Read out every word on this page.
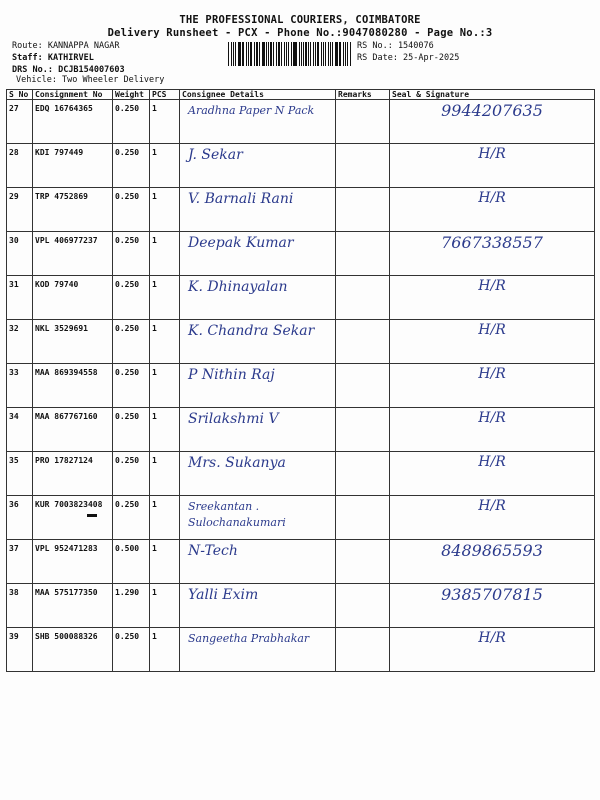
THE PROFESSIONAL COURIERS, COIMBATORE
Delivery Runsheet - PCX - Phone No.:9047080280 - Page No.:3
Route: KANNAPPA NAGAR
Staff: KATHIRVEL
DRS No.: DCJB154007603
Vehicle: Two Wheeler Delivery
RS No.: 1540076
RS Date: 25-Apr-2025
S No	Consignment No	Weight	PCS	Consignee Details	Remarks	Seal & Signature
27	EDQ 16764365	0.250	1	Aradhna Paper N Pack		9944207635

28	KDI 797449	0.250	1	J. Sekar		H/R

29	TRP 4752869	0.250	1	V. Barnali Rani		H/R

30	VPL 406977237	0.250	1	Deepak Kumar		7667338557

31	KOD 79740	0.250	1	K. Dhinayalan		H/R

32	NKL 3529691	0.250	1	K. Chandra Sekar		H/R

33	MAA 869394558	0.250	1	P Nithin Raj		H/R

34	MAA 867767160	0.250	1	Srilakshmi V		H/R

35	PRO 17827124	0.250	1	Mrs. Sukanya		H/R

36	KUR 7003823408	0.250	1	Sreekantan . Sulochanakumari		H/R

37	VPL 952471283	0.500	1	N-Tech		8489865593

38	MAA 575177350	1.290	1	Yalli Exim		9385707815

39	SHB 500088326	0.250	1	Sangeetha Prabhakar		H/R
